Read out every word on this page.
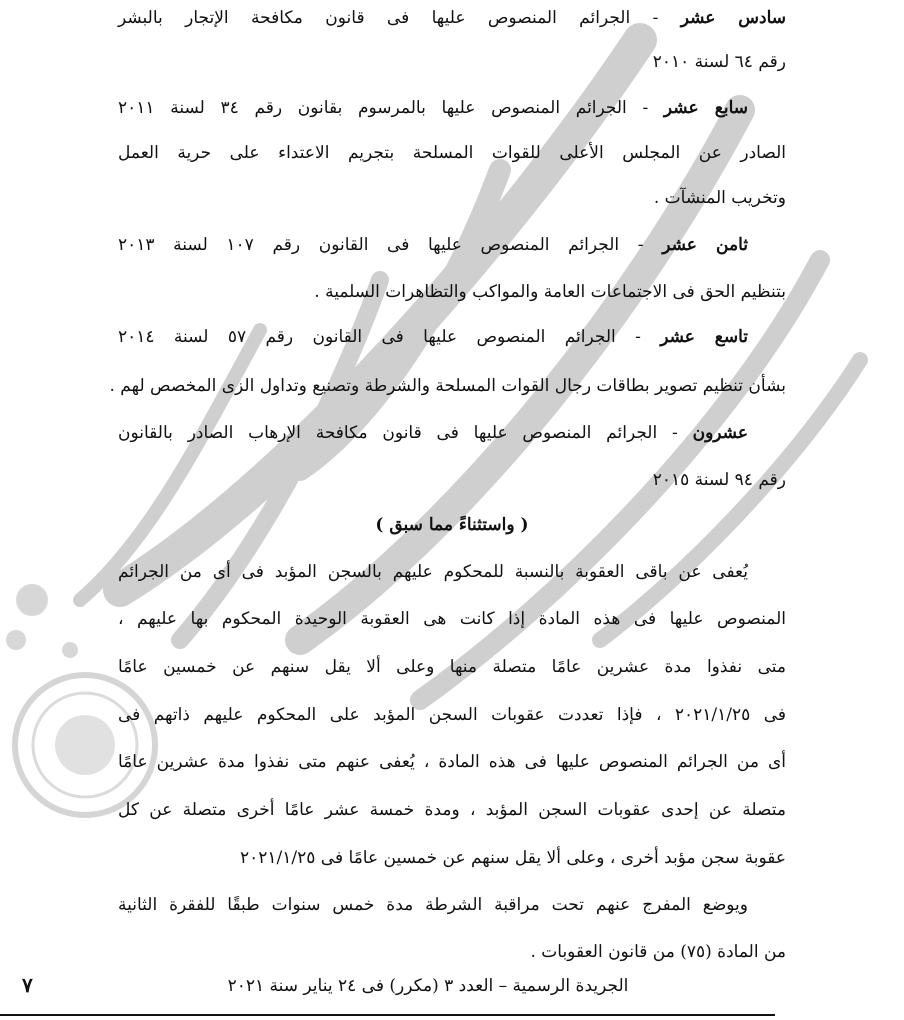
سادس عشر - الجرائم المنصوص عليها فى قانون مكافحة الإتجار بالبشر
رقم ٦٤ لسنة ٢٠١٠
سابع عشر - الجرائم المنصوص عليها بالمرسوم بقانون رقم ٣٤ لسنة ٢٠١١
الصادر عن المجلس الأعلى للقوات المسلحة بتجريم الاعتداء على حرية العمل
وتخريب المنشآت .
ثامن عشر - الجرائم المنصوص عليها فى القانون رقم ١٠٧ لسنة ٢٠١٣
بتنظيم الحق فى الاجتماعات العامة والمواكب والتظاهرات السلمية .
تاسع عشر - الجرائم المنصوص عليها فى القانون رقم ٥٧ لسنة ٢٠١٤
بشأن تنظيم تصوير بطاقات رجال القوات المسلحة والشرطة وتصنيع وتداول الزى المخصص لهم .
عشرون - الجرائم المنصوص عليها فى قانون مكافحة الإرهاب الصادر بالقانون
رقم ٩٤ لسنة ٢٠١٥
( واستثناءً مما سبق )
يُعفى عن باقى العقوبة بالنسبة للمحكوم عليهم بالسجن المؤبد فى أى من الجرائم
المنصوص عليها فى هذه المادة إذا كانت هى العقوبة الوحيدة المحكوم بها عليهم ،
متى نفذوا مدة عشرين عامًا متصلة منها وعلى ألا يقل سنهم عن خمسين عامًا
فى ٢٠٢١/١/٢٥ ، فإذا تعددت عقوبات السجن المؤبد على المحكوم عليهم ذاتهم فى
أى من الجرائم المنصوص عليها فى هذه المادة ، يُعفى عنهم متى نفذوا مدة عشرين عامًا
متصلة عن إحدى عقوبات السجن المؤبد ، ومدة خمسة عشر عامًا أخرى متصلة عن كل
عقوبة سجن مؤبد أخرى ، وعلى ألا يقل سنهم عن خمسين عامًا فى ٢٠٢١/١/٢٥
ويوضع المفرج عنهم تحت مراقبة الشرطة مدة خمس سنوات طبقًا للفقرة الثانية
من المادة (٧٥) من قانون العقوبات .
الجريدة الرسمية – العدد ٣ (مكرر) فى ٢٤ يناير سنة ٢٠٢١
٧
